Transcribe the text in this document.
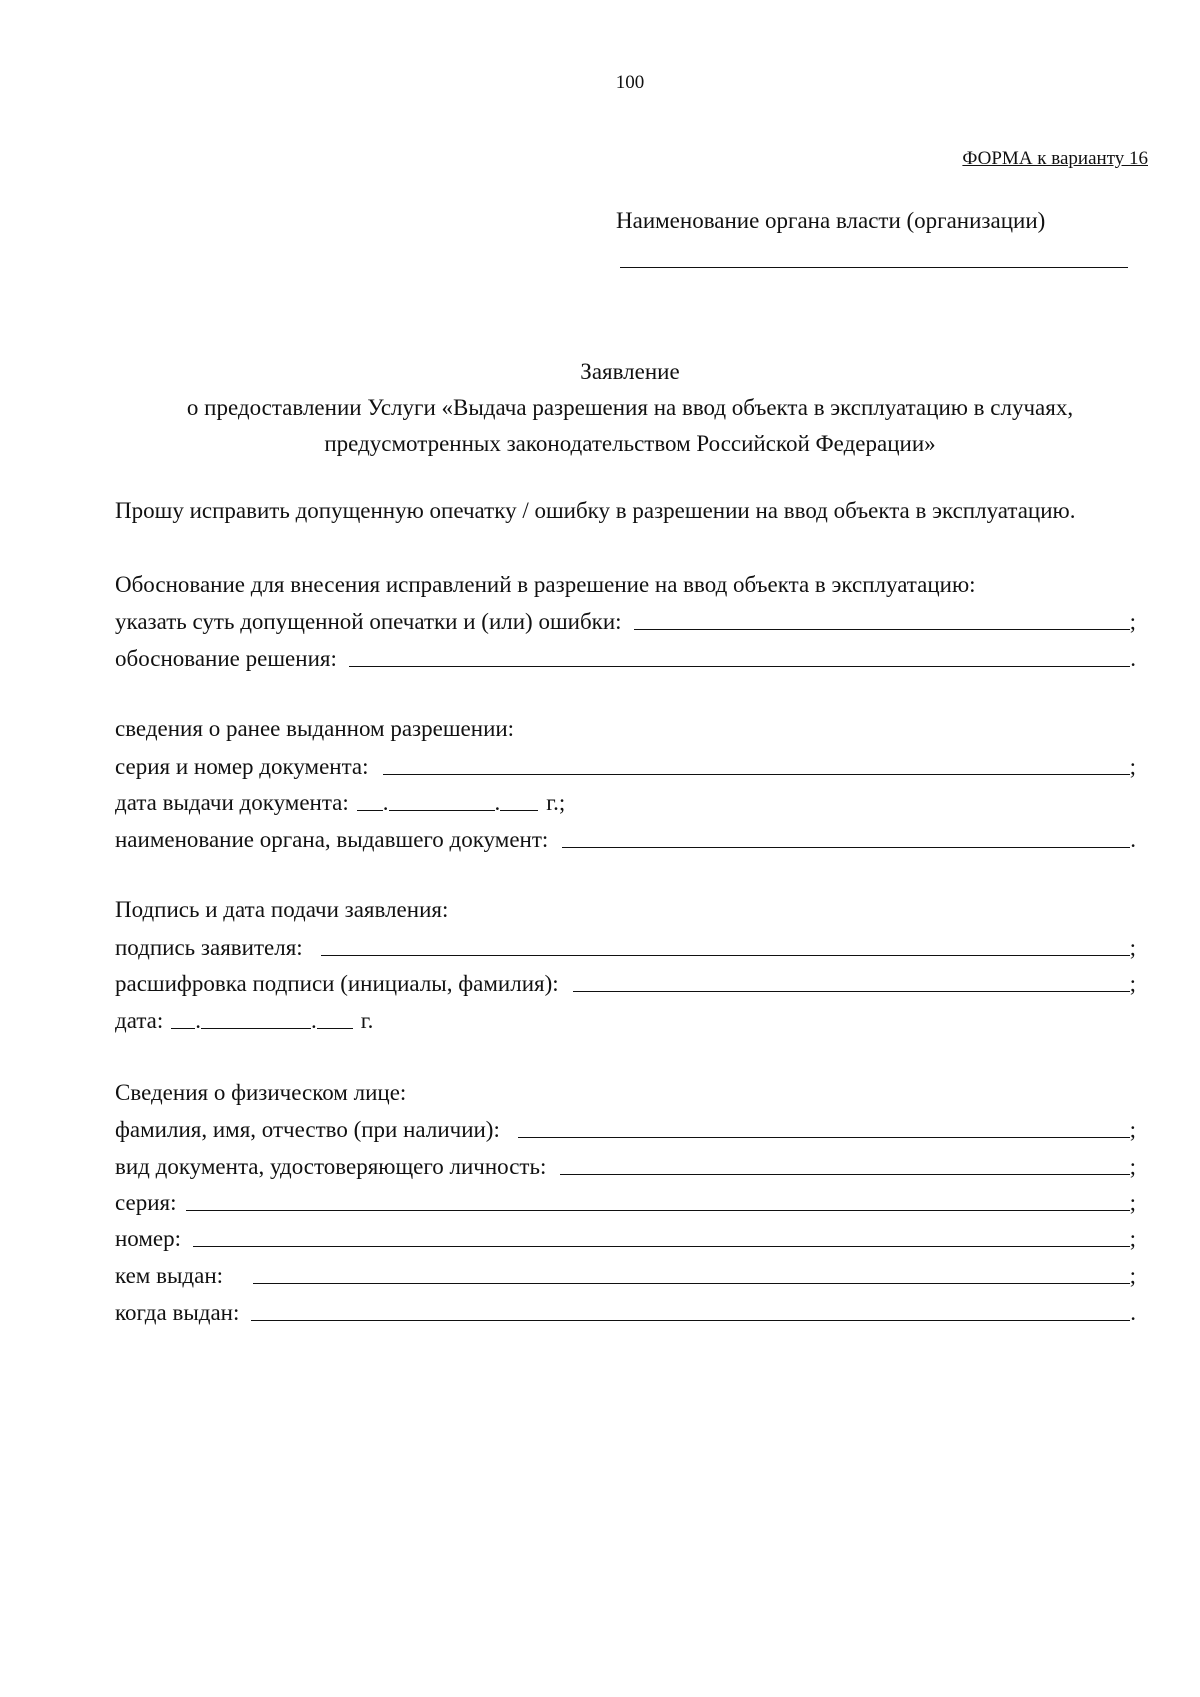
100
ФОРМА к варианту 16
Наименование органа власти (организации)
Заявление
о предоставлении Услуги «Выдача разрешения на ввод объекта в эксплуатацию в случаях,
предусмотренных законодательством Российской Федерации»
Прошу исправить допущенную опечатку / ошибку в разрешении на ввод объекта в эксплуатацию.
Обоснование для внесения исправлений в разрешение на ввод объекта в эксплуатацию:
указать суть допущенной опечатки и (или) ошибки:	;
обоснование решения:	.
сведения о ранее выданном разрешении:
серия и номер документа:	;
дата выдачи документа: .	. г.;
наименование органа, выдавшего документ:	.
Подпись и дата подачи заявления:
подпись заявителя:	;
расшифровка подписи (инициалы, фамилия):	;
дата: .	. г.
Сведения о физическом лице:
фамилия, имя, отчество (при наличии):	;
вид документа, удостоверяющего личность:	;
серия:	;
номер:	;
кем выдан:	;
когда выдан:	.
